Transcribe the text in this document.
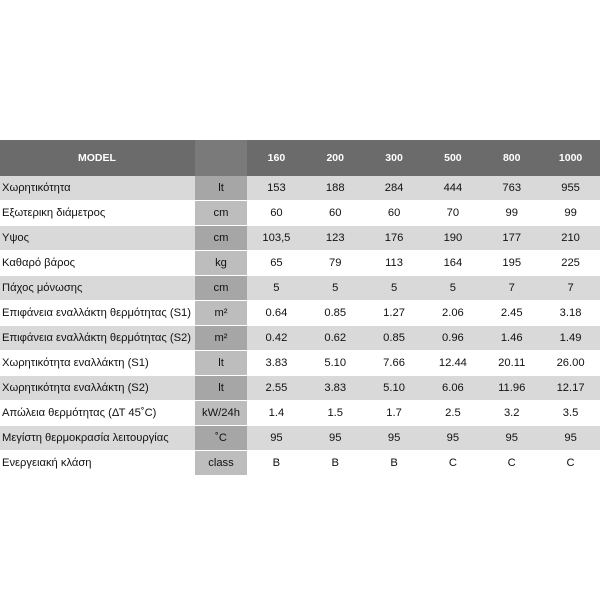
MODEL		160	200	300	500	800	1000
Χωρητικότητα	lt	153	188	284	444	763	955
Εξωτερικη διάμετρος	cm	60	60	60	70	99	99
Υψος	cm	103,5	123	176	190	177	210
Καθαρό βάρος	kg	65	79	113	164	195	225
Πάχος μόνωσης	cm	5	5	5	5	7	7
Επιφάνεια εναλλάκτη θερμότητας (S1)	m²	0.64	0.85	1.27	2.06	2.45	3.18
Επιφάνεια εναλλάκτη θερμότητας (S2)	m²	0.42	0.62	0.85	0.96	1.46	1.49
Χωρητικότητα εναλλάκτη (S1)	lt	3.83	5.10	7.66	12.44	20.11	26.00
Χωρητικότητα εναλλάκτη (S2)	lt	2.55	3.83	5.10	6.06	11.96	12.17
Απώλεια θερμότητας (ΔΤ 45˚C)	kW/24h	1.4	1.5	1.7	2.5	3.2	3.5
Μεγίστη θερμοκρασία λειτουργίας	˚C	95	95	95	95	95	95
Ενεργειακή κλάση	class	B	B	B	C	C	C
